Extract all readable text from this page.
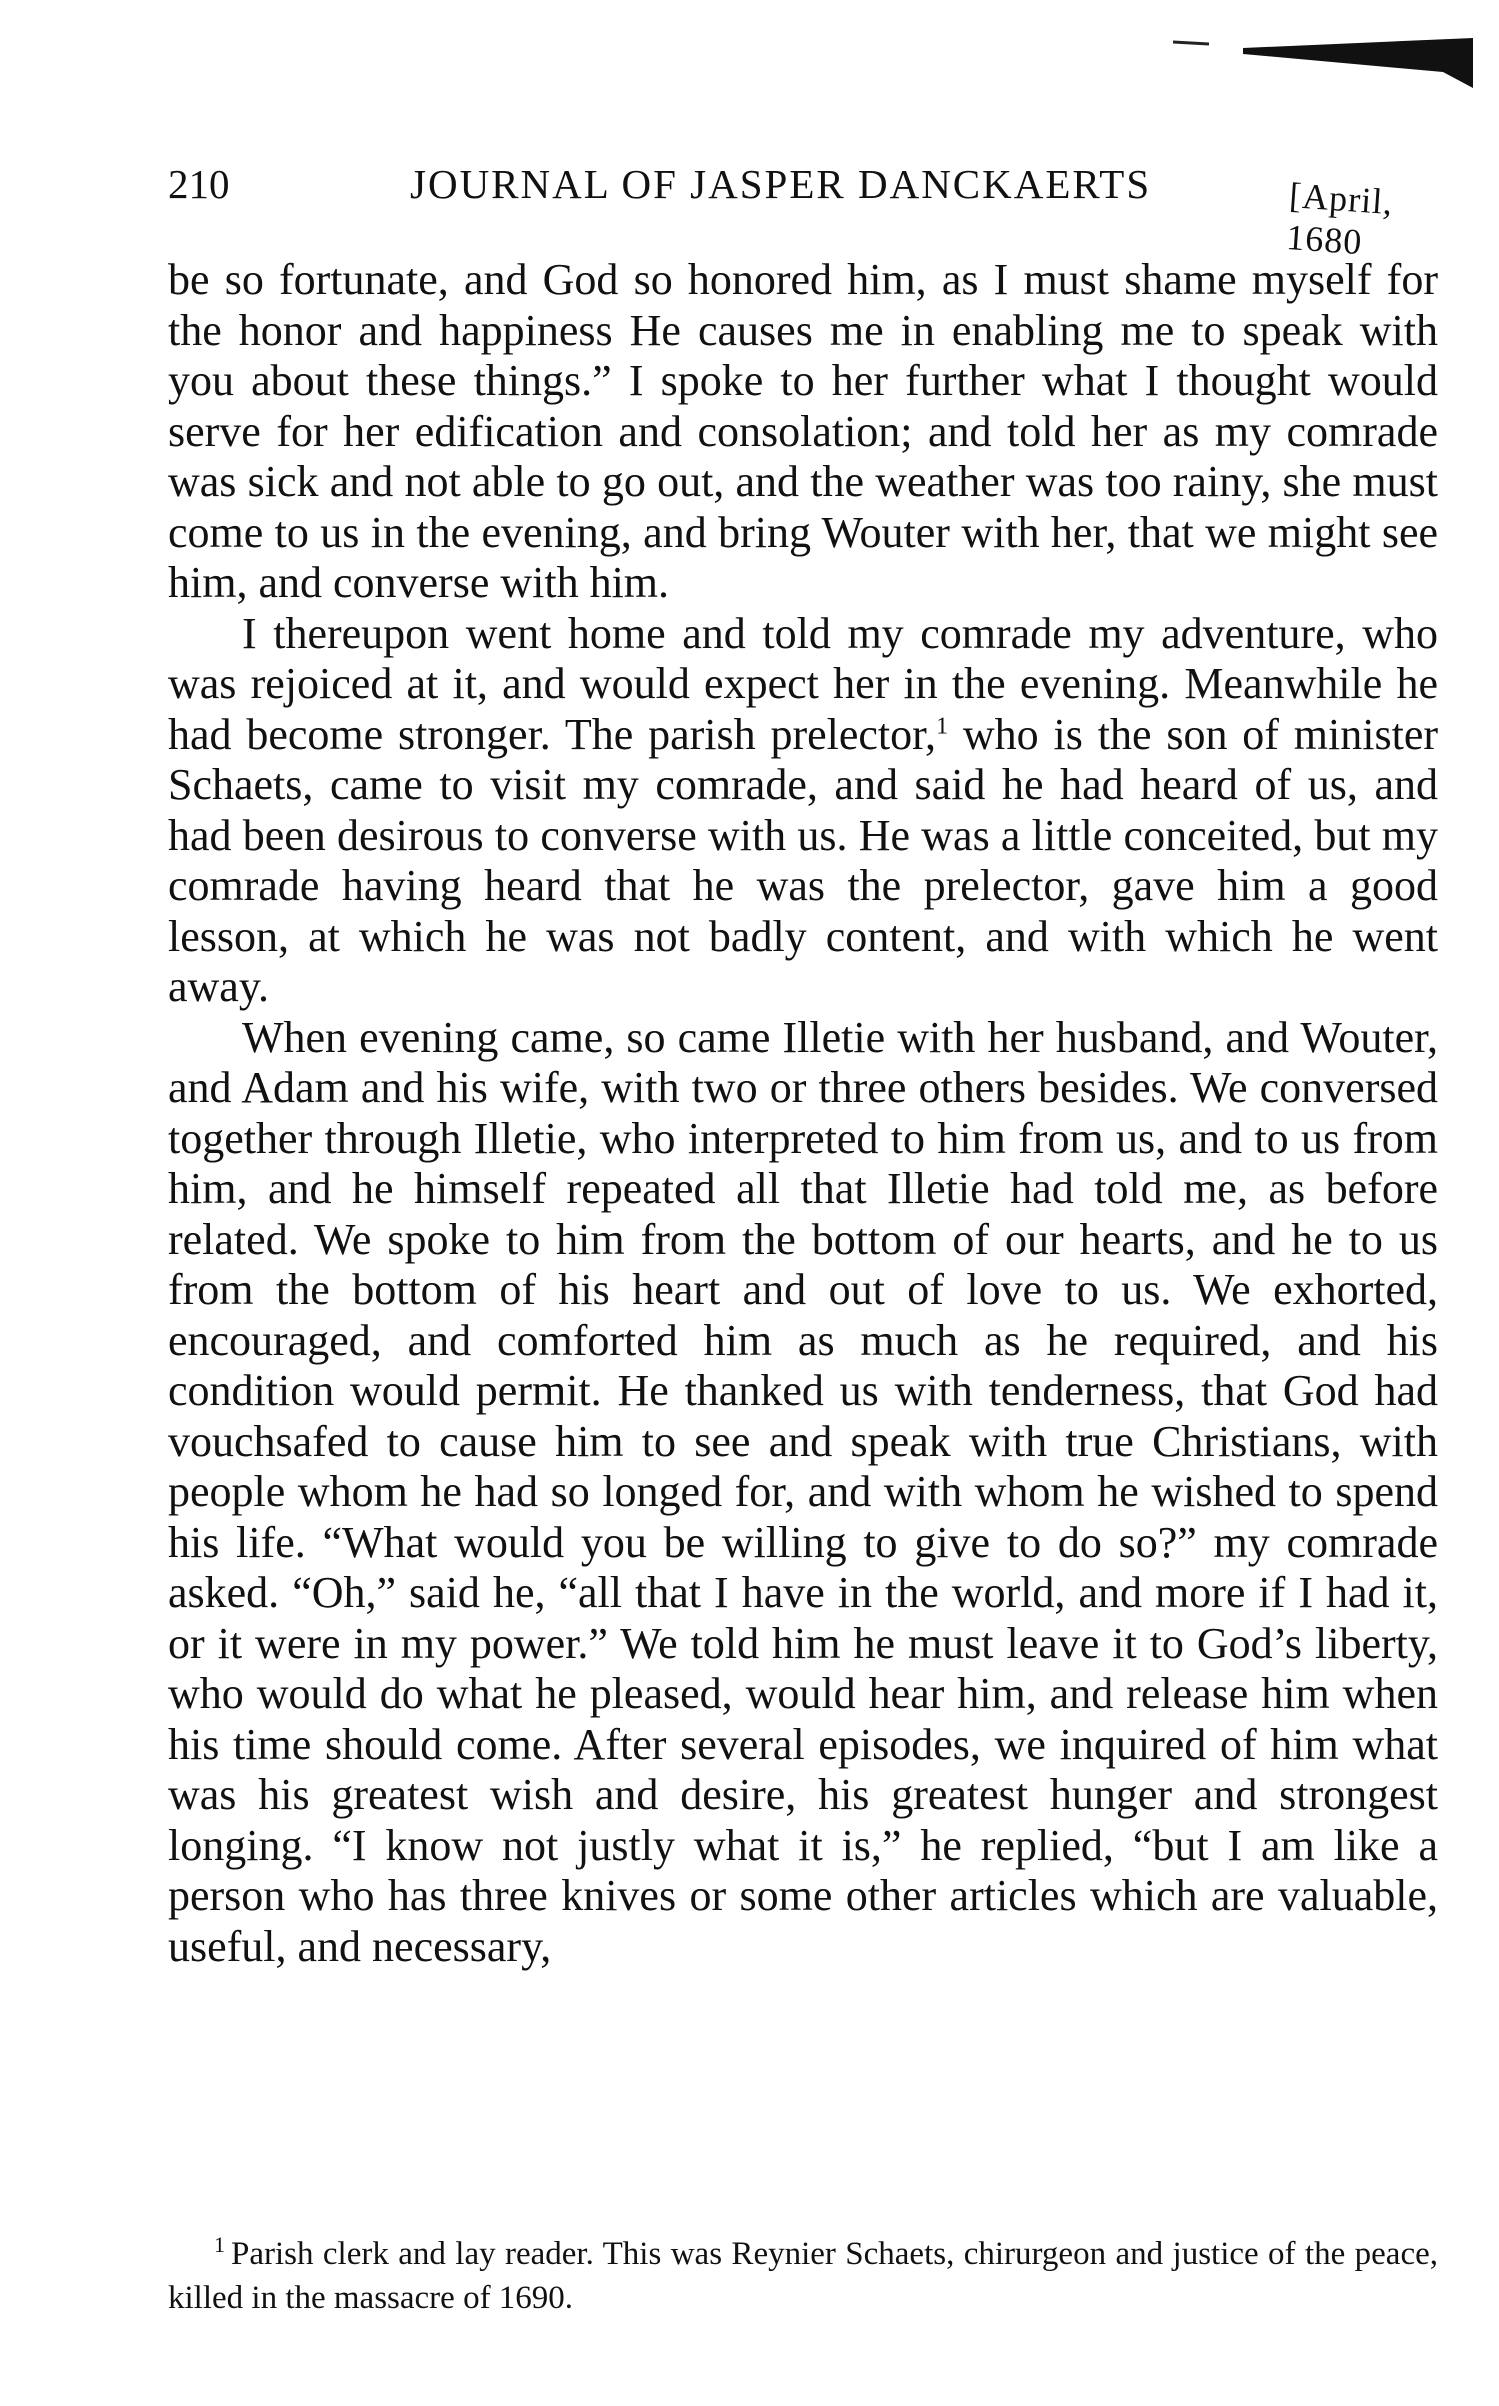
210	JOURNAL OF JASPER DANCKAERTS	[April, 1680

be so fortunate, and God so honored him, as I must shame myself for the honor and happiness He causes me in enabling me to speak with you about these things.” I spoke to her further what I thought would serve for her edification and consolation; and told her as my comrade was sick and not able to go out, and the weather was too rainy, she must come to us in the evening, and bring Wouter with her, that we might see him, and converse with him.

I thereupon went home and told my comrade my adventure, who was rejoiced at it, and would expect her in the evening. Meanwhile he had become stronger. The parish prelector,$^1$ who is the son of minister Schaets, came to visit my comrade, and said he had heard of us, and had been desirous to converse with us. He was a little conceited, but my comrade having heard that he was the prelector, gave him a good lesson, at which he was not badly content, and with which he went away.

When evening came, so came Illetie with her husband, and Wouter, and Adam and his wife, with two or three others besides. We conversed together through Illetie, who interpreted to him from us, and to us from him, and he himself repeated all that Illetie had told me, as before related. We spoke to him from the bottom of our hearts, and he to us from the bottom of his heart and out of love to us. We exhorted, encouraged, and comforted him as much as he required, and his condition would permit. He thanked us with tenderness, that God had vouchsafed to cause him to see and speak with true Christians, with people whom he had so longed for, and with whom he wished to spend his life. “What would you be willing to give to do so?” my comrade asked. “Oh,” said he, “all that I have in the world, and more if I had it, or it were in my power.” We told him he must leave it to God’s liberty, who would do what he pleased, would hear him, and release him when his time should come. After several episodes, we inquired of him what was his greatest wish and desire, his greatest hunger and strongest longing. “I know not justly what it is,” he replied, “but I am like a person who has three knives or some other articles which are valuable, useful, and necessary,

$^1$ Parish clerk and lay reader. This was Reynier Schaets, chirurgeon and justice of the peace, killed in the massacre of 1690.
